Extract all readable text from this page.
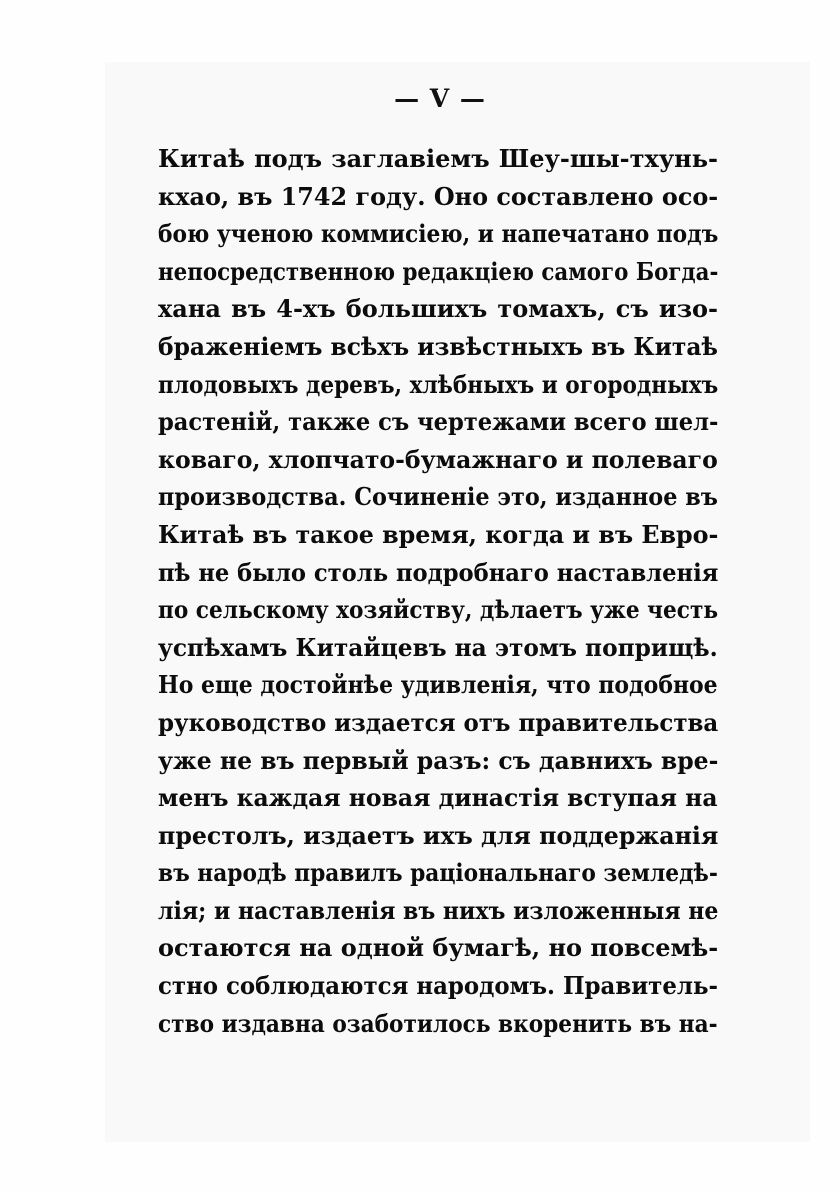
— V —
Китаѣ подъ заглавіемъ Шеу-шы-тхунь-
кхао, въ 1742 году. Оно составлено осо-
бою ученою коммисіею, и напечатано подъ
непосредственною редакціею самого Богда-
хана въ 4-хъ большихъ томахъ, съ изо-
браженіемъ всѣхъ извѣстныхъ въ Китаѣ
плодовыхъ деревъ, хлѣбныхъ и огородныхъ
растеній, также съ чертежами всего шел-
коваго, хлопчато-бумажнаго и полеваго
производства. Сочиненіе это, изданное въ
Китаѣ въ такое время, когда и въ Евро-
пѣ не было столь подробнаго наставленія
по сельскому хозяйству, дѣлаетъ уже честь
успѣхамъ Китайцевъ на этомъ поприщѣ.
Но еще достойнѣе удивленія, что подобное
руководство издается отъ правительства
уже не въ первый разъ: съ давнихъ вре-
менъ каждая новая династія вступая на
престолъ, издаетъ ихъ для поддержанія
въ народѣ правилъ раціональнаго земледѣ-
лія; и наставленія въ нихъ изложенныя не
остаются на одной бумагѣ, но повсемѣ-
стно соблюдаются народомъ. Правитель-
ство издавна озаботилось вкоренить въ на-
